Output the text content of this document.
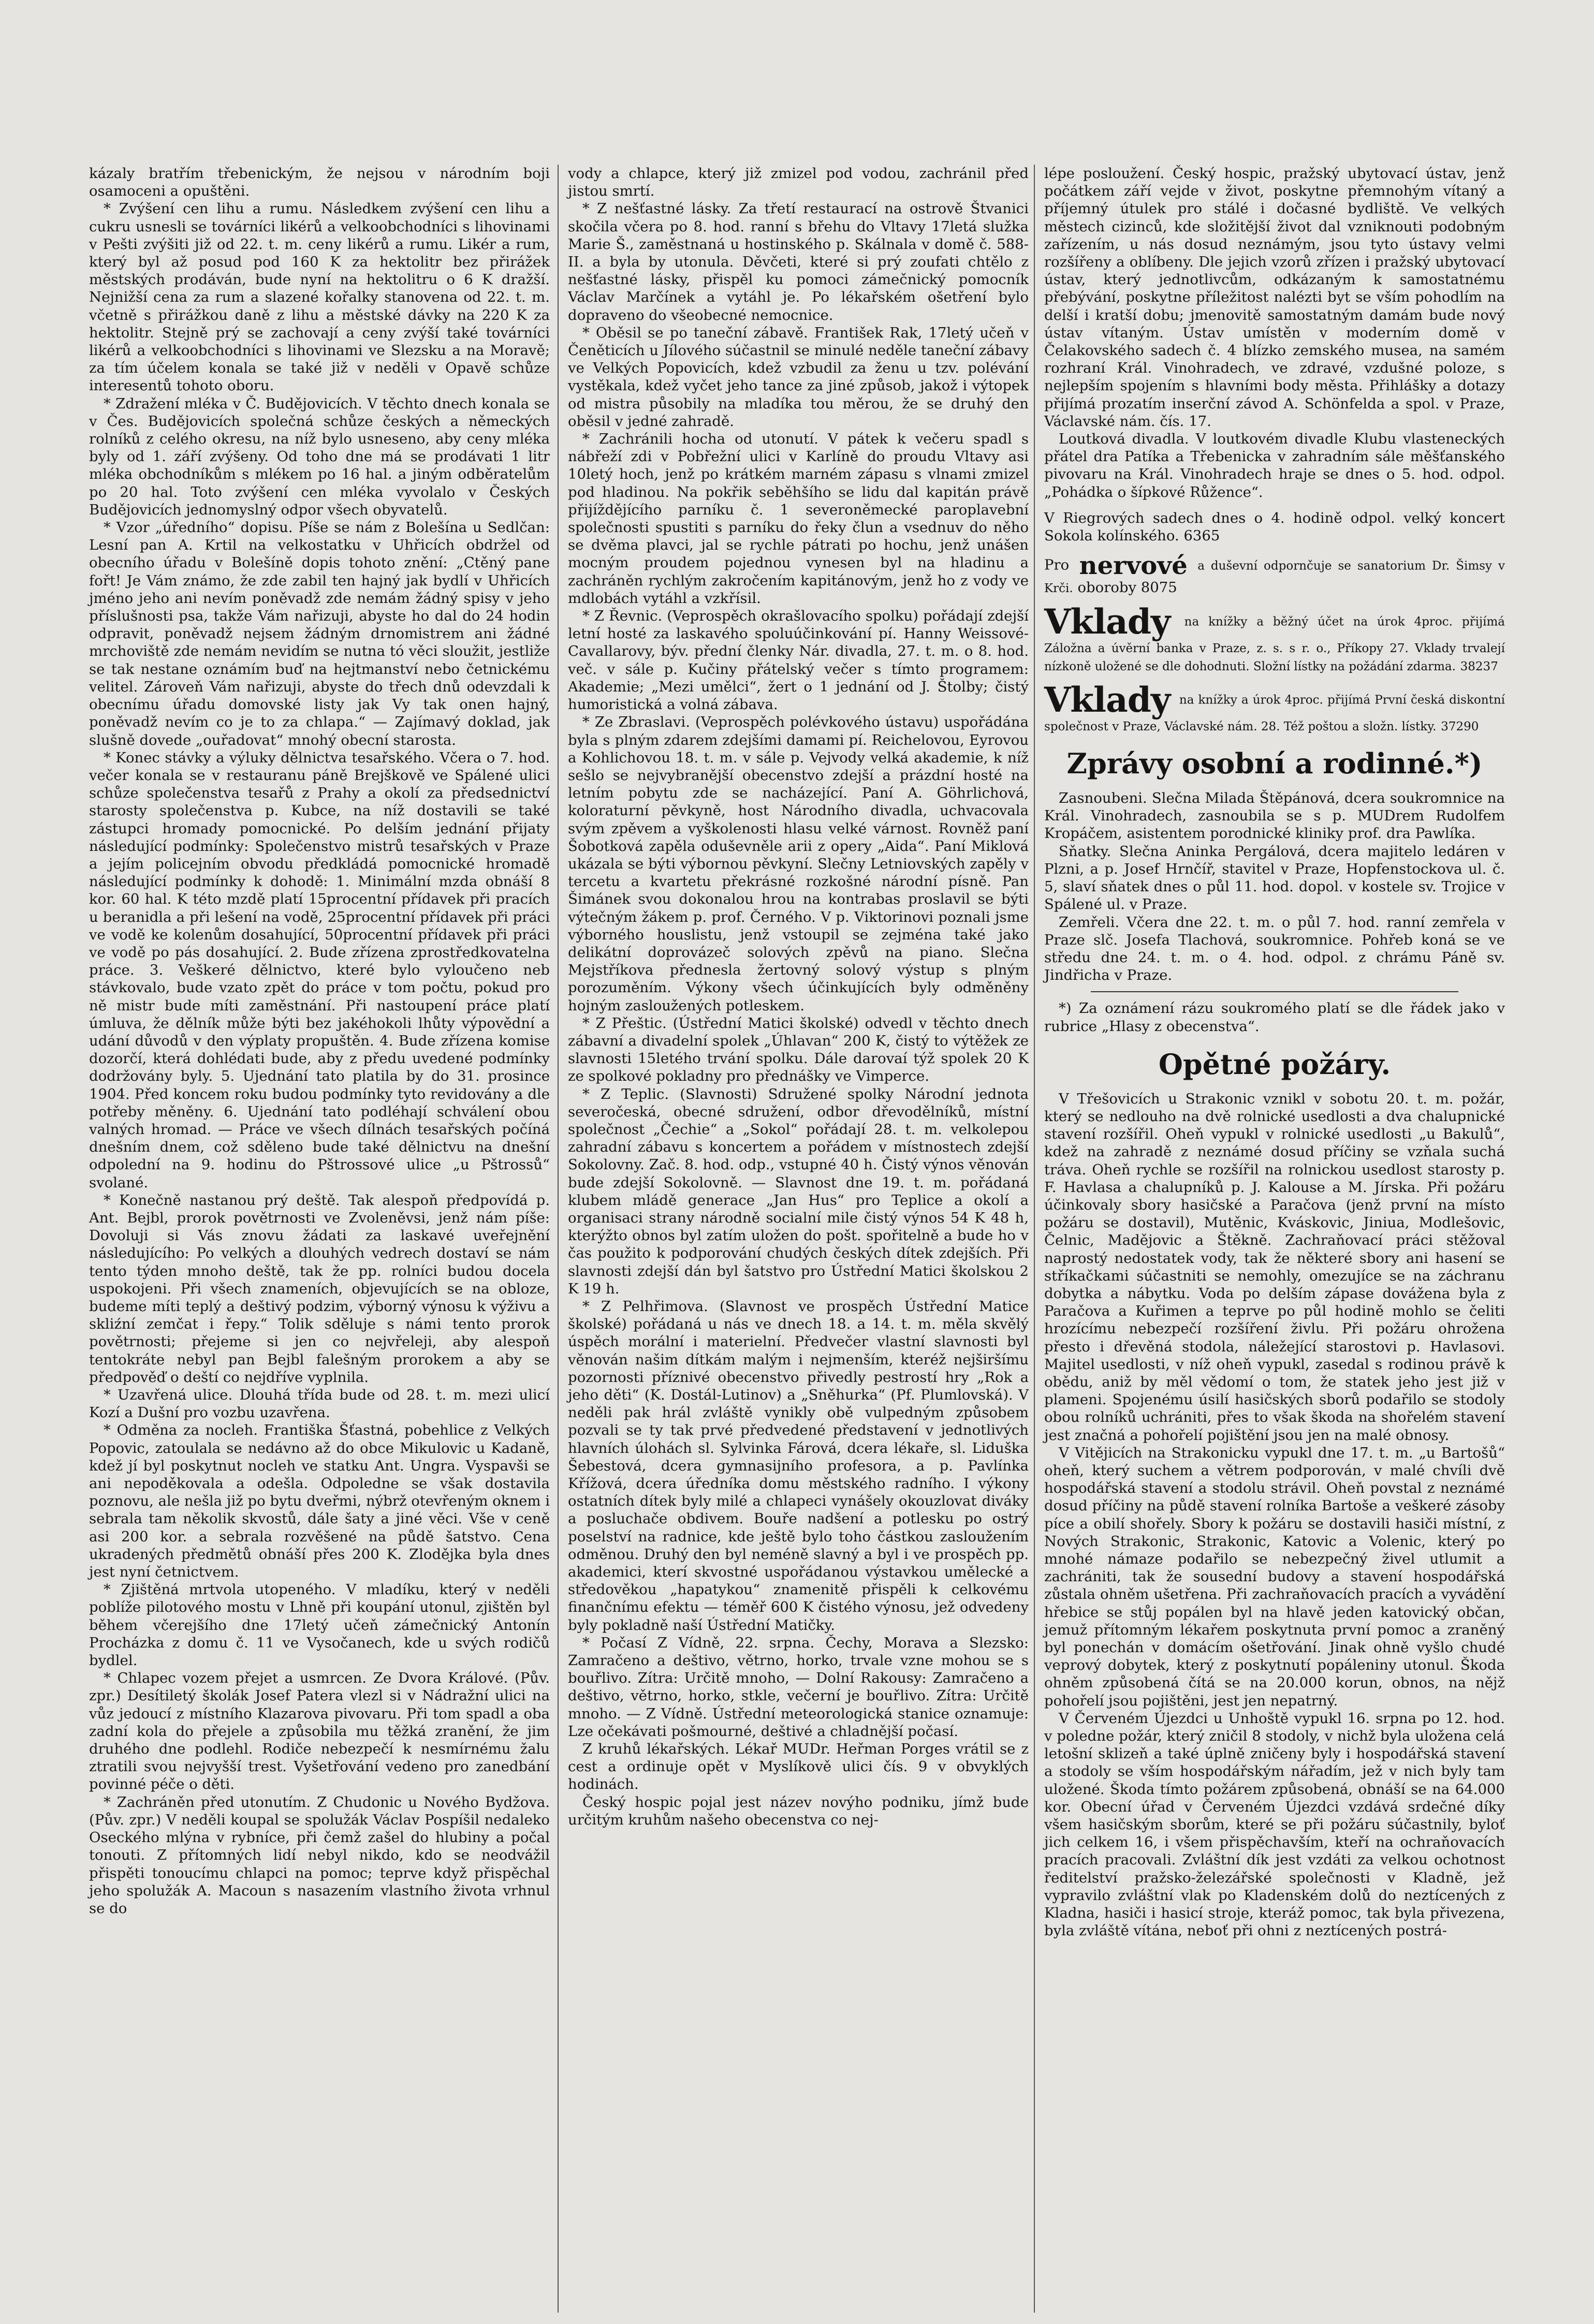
kázaly bratřím třebenickým, že nejsou v národním boji osamoceni a opuštěni.

* Zvýšení cen lihu a rumu. Následkem zvýšení cen lihu a cukru usnesli se továrníci likérů a velkoobchodníci s lihovinami v Pešti zvýšiti již od 22. t. m. ceny likérů a rumu. Likér a rum, který byl až posud pod 160 K za hektolitr bez přirážek městských prodáván, bude nyní na hektolitru o 6 K dražší. Nejnižší cena za rum a slazené kořalky stanovena od 22. t. m. včetně s přirážkou daně z lihu a městské dávky na 220 K za hektolitr. Stejně prý se zachovají a ceny zvýší také továrníci likérů a velkoobchodníci s lihovinami ve Slezsku a na Moravě; za tím účelem konala se také již v neděli v Opavě schůze interesentů tohoto oboru.

* Zdražení mléka v Č. Budějovicích. V těchto dnech konala se v Čes. Budějovicích společná schůze českých a německých rolníků z celého okresu, na níž bylo usneseno, aby ceny mléka byly od 1. září zvýšeny. Od toho dne má se prodávati 1 litr mléka obchodníkům s mlékem po 16 hal. a jiným odběratelům po 20 hal. Toto zvýšení cen mléka vyvolalo v Českých Budějovicích jednomyslný odpor všech obyvatelů.

* Vzor „úředního“ dopisu. Píše se nám z Bolešína u Sedlčan: Lesní pan A. Krtil na velkostatku v Uhřicích obdržel od obecního úřadu v Bolešíně dopis tohoto znění: „Ctěný pane fořt! Je Vám známo, že zde zabil ten hajný jak bydlí v Uhřicích jméno jeho ani nevím poněvadž zde nemám žádný spisy v jeho příslušnosti psa, takže Vám nařizuji, abyste ho dal do 24 hodin odpravit, poněvadž nejsem žádným drnomistrem ani žádné mrchoviště zde nemám nevidím se nutna tó věci sloužit, jestliže se tak nestane oznámím buď na hejtmanství nebo četnickému velitel. Zároveň Vám nařizuji, abyste do třech dnů odevzdali k obecnímu úřadu domovské listy jak Vy tak onen hajný, poněvadž nevím co je to za chlapa.“ — Zajímavý doklad, jak slušně dovede „ouřadovat“ mnohý obecní starosta.

* Konec stávky a výluky dělnictva tesařského. Včera o 7. hod. večer konala se v restauranu páně Brejškově ve Spálené ulici schůze společenstva tesařů z Prahy a okolí za předsednictví starosty společenstva p. Kubce, na níž dostavili se také zástupci hromady pomocnické. Po delším jednání přijaty následující podmínky: Společenstvo mistrů tesařských v Praze a jejím policejním obvodu předkládá pomocnické hromadě následující podmínky k dohodě: 1. Minimální mzda obnáší 8 kor. 60 hal. K této mzdě platí 15procentní přídavek při pracích u beranidla a při lešení na vodě, 25procentní přídavek při práci ve vodě ke kolenům dosahující, 50procentní přídavek při práci ve vodě po pás dosahující. 2. Bude zřízena zprostředkovatelna práce. 3. Veškeré dělnictvo, které bylo vyloučeno neb stávkovalo, bude vzato zpět do práce v tom počtu, pokud pro ně mistr bude míti zaměstnání. Při nastoupení práce platí úmluva, že dělník může býti bez jakéhokoli lhůty výpovědní a udání důvodů v den výplaty propuštěn. 4. Bude zřízena komise dozorčí, která dohlédati bude, aby z předu uvedené podmínky dodržovány byly. 5. Ujednání tato platila by do 31. prosince 1904. Před koncem roku budou podmínky tyto revidovány a dle potřeby měněny. 6. Ujednání tato podléhají schválení obou valných hromad. — Práce ve všech dílnách tesařských počíná dnešním dnem, což sděleno bude také dělnictvu na dnešní odpolední na 9. hodinu do Pštrossové ulice „u Pštrossů“ svolané.

* Konečně nastanou prý deště. Tak alespoň předpovídá p. Ant. Bejbl, prorok povětrnosti ve Zvoleněvsi, jenž nám píše: Dovoluji si Vás znovu žádati za laskavé uveřejnění následujícího: Po velkých a dlouhých vedrech dostaví se nám tento týden mnoho deště, tak že pp. rolníci budou docela uspokojeni. Při všech znameních, objevujících se na obloze, budeme míti teplý a deštivý podzim, výborný výnosu k výživu a skliźní zemčat i řepy.“ Tolik sděluje s námi tento prorok povětrnosti; přejeme si jen co nejvřeleji, aby alespoň tentokráte nebyl pan Bejbl falešným prorokem a aby se předpověď o deští co nejdříve vyplnila.

* Uzavřená ulice. Dlouhá třída bude od 28. t. m. mezi ulicí Kozí a Dušní pro vozbu uzavřena.

* Odměna za nocleh. Františka Šťastná, pobehlice z Velkých Popovic, zatoulala se nedávno až do obce Mikulovic u Kadaně, kdež jí byl poskytnut nocleh ve statku Ant. Ungra. Vyspavši se ani nepoděkovala a odešla. Odpoledne se však dostavila poznovu, ale nešla již po bytu dveřmi, nýbrž otevřeným oknem i sebrala tam několik skvostů, dále šaty a jiné věci. Vše v ceně asi 200 kor. a sebrala rozvěšené na půdě šatstvo. Cena ukradených předmětů obnáší přes 200 K. Zlodějka byla dnes jest nyní četnictvem.

* Zjištěná mrtvola utopeného. V mladíku, který v neděli poblíže pilotového mostu v Lhně při koupání utonul, zjištěn byl během včerejšího dne 17letý učeň zámečnický Antonín Procházka z domu č. 11 ve Vysočanech, kde u svých rodičů bydlel.

* Chlapec vozem přejet a usmrcen. Ze Dvora Králové. (Pův. zpr.) Desítiletý školák Josef Patera vlezl si v Nádražní ulici na vůz jedoucí z místního Klazarova pivovaru. Při tom spadl a oba zadní kola do přejele a způsobila mu těžká zranění, že jim druhého dne podlehl. Rodiče nebezpečí k nesmírnému žalu ztratili svou nejvyšší trest. Vyšetřování vedeno pro zanedbání povinné péče o děti.

* Zachráněn před utonutím. Z Chudonic u Nového Bydžova. (Pův. zpr.) V neděli koupal se spolužák Václav Pospíšil nedaleko Oseckého mlýna v rybníce, při čemž zašel do hlubiny a počal tonouti. Z přítomných lidí nebyl nikdo, kdo se neodvážil přispěti tonoucímu chlapci na pomoc; teprve když přispěchal jeho spolužák A. Macoun s nasazením vlastního života vrhnul se do

vody a chlapce, který již zmizel pod vodou, zachránil před jistou smrtí.

* Z nešťastné lásky. Za třetí restaurací na ostrově Štvanici skočila včera po 8. hod. ranní s břehu do Vltavy 17letá služka Marie Š., zaměstnaná u hostinského p. Skálnala v domě č. 588-II. a byla by utonula. Děvčeti, které si prý zoufati chtělo z nešťastné lásky, přispěl ku pomoci zámečnický pomocník Václav Marčínek a vytáhl je. Po lékařském ošetření bylo dopraveno do všeobecné nemocnice.

* Oběsil se po taneční zábavě. František Rak, 17letý učeň v Čeněticích u Jílového súčastnil se minulé neděle taneční zábavy ve Velkých Popovicích, kdež vzbudil za ženu u tzv. polévání vystěkala, kdež vyčet jeho tance za jiné způsob, jakož i výtopek od mistra působily na mladíka tou měrou, že se druhý den oběsil v jedné zahradě.

* Zachránili hocha od utonutí. V pátek k večeru spadl s nábřeží zdi v Pobřežní ulici v Karlíně do proudu Vltavy asi 10letý hoch, jenž po krátkém marném zápasu s vlnami zmizel pod hladinou. Na pokřik seběhšího se lidu dal kapitán právě přijíždějícího parníku č. 1 severoněmecké paroplavební společnosti spustiti s parníku do řeky člun a vsednuv do něho se dvěma plavci, jal se rychle pátrati po hochu, jenž unášen mocným proudem pojednou vynesen byl na hladinu a zachráněn rychlým zakročením kapitánovým, jenž ho z vody ve mdlobách vytáhl a vzkřísil.

* Z Řevnic. (Veprospěch okrašlovacího spolku) pořádají zdejší letní hosté za laskavého spoluúčinkování pí. Hanny Weissové-Cavallarovy, býv. přední členky Nár. divadla, 27. t. m. o 8. hod. več. v sále p. Kučiny přátelský večer s tímto programem: Akademie; „Mezi umělci“, žert o 1 jednání od J. Štolby; čistý humoristická a volná zábava.

* Ze Zbraslavi. (Veprospěch polévkového ústavu) uspořádána byla s plným zdarem zdejšími damami pí. Reichelovou, Eyrovou a Kohlichovou 18. t. m. v sále p. Vejvody velká akademie, k níž sešlo se nejvybranější obecenstvo zdejší a prázdní hosté na letním pobytu zde se nacházející. Paní A. Göhrlichová, koloraturní pěvkyně, host Národního divadla, uchvacovala svým zpěvem a vyškolenosti hlasu velké várnost. Rovněž paní Šobotková zapěla oduševněle arii z opery „Aida“. Paní Miklová ukázala se býti výbornou pěvkyní. Slečny Letniovských zapěly v tercetu a kvartetu překrásné rozkošné národní písně. Pan Šimánek svou dokonalou hrou na kontrabas proslavil se býti výtečným žákem p. prof. Černého. V p. Viktorinovi poznali jsme výborného houslistu, jenž vstoupil se zejména také jako delikátní doprovázeč solových zpěvů na piano. Slečna Mejstříkova přednesla žertovný solový výstup s plným porozuměním. Výkony všech účinkujících byly odměněny hojným zasloužených potleskem.

* Z Přeštic. (Ústřední Matici školské) odvedl v těchto dnech zábavní a divadelní spolek „Úhlavan“ 200 K, čistý to výtěžek ze slavnosti 15letého trvání spolku. Dále darovaí týž spolek 20 K ze spolkové pokladny pro přednášky ve Vimperce.

* Z Teplic. (Slavnosti) Sdružené spolky Národní jednota severočeská, obecné sdružení, odbor dřevodělníků, místní společnost „Čechie“ a „Sokol“ pořádají 28. t. m. velkolepou zahradní zábavu s koncertem a pořádem v místnostech zdejší Sokolovny. Zač. 8. hod. odp., vstupné 40 h. Čistý výnos věnován bude zdejší Sokolovně. — Slavnost dne 19. t. m. pořádaná klubem mládě generace „Jan Hus“ pro Teplice a okolí a organisaci strany národně socialní mile čistý výnos 54 K 48 h, kterýžto obnos byl zatím uložen do pošt. spořitelně a bude ho v čas použito k podporování chudých českých dítek zdejších. Při slavnosti zdejší dán byl šatstvo pro Ústřední Matici školskou 2 K 19 h.

* Z Pelhřimova. (Slavnost ve prospěch Ústřední Matice školské) pořádaná u nás ve dnech 18. a 14. t. m. měla skvělý úspěch morální i materielní. Předvečer vlastní slavnosti byl věnován našim dítkám malým i nejmenším, kteréž nejširšímu pozornosti příznivé obecenstvo přivedly pestrostí hry „Rok a jeho děti“ (K. Dostál-Lutinov) a „Sněhurka“ (Pf. Plumlovská). V neděli pak hrál zvláště vynikly obě vulpedným způsobem pozvali se ty tak prvé předvedené představení v jednotlivých hlavních úlohách sl. Sylvinka Fárová, dcera lékaře, sl. Liduška Šebestová, dcera gymnasijního profesora, a p. Pavlínka Křížová, dcera úředníka domu městského radního. I výkony ostatních dítek byly milé a chlapeci vynášely okouzlovat diváky a posluchače obdivem. Bouře nadšení a potlesku po ostrý poselství na radnice, kde ještě bylo toho částkou zasloužením odměnou. Druhý den byl neméně slavný a byl i ve prospěch pp. akademici, kterí skvostné uspořádanou výstavkou umělecké a středověkou „hapatykou“ znamenitě přispěli k celkovému finančnímu efektu — téměř 600 K čistého výnosu, jež odvedeny byly pokladně naší Ústřední Matičky.

* Počasí Z Vídně, 22. srpna. Čechy, Morava a Slezsko: Zamračeno a deštivo, větrno, horko, trvale vzne mohou se s bouřlivo. Zítra: Určitě mnoho, — Dolní Rakousy: Zamračeno a deštivo, větrno, horko, stkle, večerní je bouřlivo. Zítra: Určitě mnoho. — Z Vídně. Ústřední meteorologická stanice oznamuje: Lze očekávati pošmourné, deštivé a chladnější počasí.

Z kruhů lékařských. Lékař MUDr. Heřman Porges vrátil se z cest a ordinuje opět v Myslíkově ulici čís. 9 v obvyklých hodinách.

Český hospic pojal jest název novýho podniku, jímž bude určitým kruhům našeho obecenstva co nej-

lépe posloužení. Český hospic, pražský ubytovací ústav, jenž počátkem září vejde v život, poskytne přemnohým vítaný a příjemný útulek pro stálé i dočasné bydliště. Ve velkých městech cizinců, kde složitější život dal vzniknouti podobným zařízením, u nás dosud neznámým, jsou tyto ústavy velmi rozšířeny a oblíbeny. Dle jejich vzorů zřízen i pražský ubytovací ústav, který jednotlivcům, odkázaným k samostatnému přebývání, poskytne příležitost nalézti byt se vším pohodlím na delší i kratší dobu; jmenovitě samostatným damám bude nový ústav vítaným. Ústav umístěn v moderním domě v Čelakovského sadech č. 4 blízko zemského musea, na samém rozhraní Král. Vinohradech, ve zdravé, vzdušné poloze, s nejlepším spojením s hlavními body města. Přihlášky a dotazy přijímá prozatím inserční závod A. Schönfelda a spol. v Praze, Václavské nám. čís. 17.

Loutková divadla. V loutkovém divadle Klubu vlasteneckých přátel dra Patíka a Třebenicka v zahradním sále měšťanského pivovaru na Král. Vinohradech hraje se dnes o 5. hod. odpol. „Pohádka o šípkové Růžence“.

V Riegrových sadech dnes o 4. hodině odpol. velký koncert Sokola kolínského. 6365
Pro nervové a duševní odpornčuje se sanatorium Dr. Šimsy v Krči. oboroby 8075
Vklady na knížky a běžný účet na úrok 4proc. přijímá Záložna a úvěrní banka v Praze, z. s. s r. o., Příkopy 27. Vklady trvalejí nízkoně uložené se dle dohodnuti. Složní lístky na požádání zdarma. 38237
Vklady na knížky a úrok 4proc. přijímá První česká diskontní společnost v Praze, Václavské nám. 28. Též poštou a složn. lístky. 37290
Zprávy osobní a rodinné.*)

Zasnoubeni. Slečna Milada Štěpánová, dcera soukromnice na Král. Vinohradech, zasnoubila se s p. MUDrem Rudolfem Kropáčem, asistentem porodnické kliniky prof. dra Pawlíka.

Sňatky. Slečna Aninka Pergálová, dcera majitelo ledáren v Plzni, a p. Josef Hrnčíř, stavitel v Praze, Hopfenstockova ul. č. 5, slaví sňatek dnes o půl 11. hod. dopol. v kostele sv. Trojice v Spálené ul. v Praze.

Zemřeli. Včera dne 22. t. m. o půl 7. hod. ranní zemřela v Praze slč. Josefa Tlachová, soukromnice. Pohřeb koná se ve středu dne 24. t. m. o 4. hod. odpol. z chrámu Páně sv. Jindřicha v Praze.

*) Za oznámení rázu soukromého platí se dle řádek jako v rubrice „Hlasy z obecenstva“.

Opětné požáry.

V Třešovicích u Strakonic vznikl v sobotu 20. t. m. požár, který se nedlouho na dvě rolnické usedlosti a dva chalupnické stavení rozšířil. Oheň vypukl v rolnické usedlosti „u Bakulů“, kdež na zahradě z neznámé dosud příčiny se vzňala suchá tráva. Oheň rychle se rozšířil na rolnickou usedlost starosty p. F. Havlasa a chalupníků p. J. Kalouse a M. Jírska. Při požáru účinkovaly sbory hasičské a Paračova (jenž první na místo požáru se dostavil), Mutěnic, Kváskovic, Jiniua, Modlešovic, Čelnic, Madějovic a Štěkně. Zachraňovací práci stěžoval naprostý nedostatek vody, tak že některé sbory ani hasení se stříkačkami súčastniti se nemohly, omezujíce se na záchranu dobytka a nábytku. Voda po delším zápase dovážena byla z Paračova a Kuřimen a teprve po půl hodině mohlo se čeliti hrozícímu nebezpečí rozšíření živlu. Při požáru ohrožena přesto i dřevěná stodola, náležející starostovi p. Havlasovi. Majitel usedlosti, v níž oheň vypukl, zasedal s rodinou právě k obědu, aniž by měl vědomí o tom, že statek jeho jest již v plameni. Spojenému úsilí hasičských sborů podařilo se stodoly obou rolníků uchrániti, přes to však škoda na shořelém stavení jest značná a pohořelí pojištění jsou jen na malé obnosy.

V Vitějicích na Strakonicku vypukl dne 17. t. m. „u Bartošů“ oheň, který suchem a větrem podporován, v malé chvíli dvě hospodářská stavení a stodolu strávil. Oheň povstal z neznámé dosud příčiny na půdě stavení rolníka Bartoše a veškeré zásoby píce a obilí shořely. Sbory k požáru se dostavili hasiči místní, z Nových Strakonic, Strakonic, Katovic a Volenic, který po mnohé námaze podařilo se nebezpečný živel utlumit a zachrániti, tak že sousední budovy a stavení hospodářská zůstala ohněm ušetřena. Při zachraňovacích pracích a vyvádění hřebice se stůj popálen byl na hlavě jeden katovický občan, jemuž přítomným lékařem poskytnuta první pomoc a zraněný byl ponechán v domácím ošetřování. Jinak ohně vyšlo chudé veprový dobytek, který z poskytnutí popáleniny utonul. Škoda ohněm způsobená čítá se na 20.000 korun, obnos, na nějž pohořelí jsou pojištěni, jest jen nepatrný.

V Červeném Újezdci u Unhoště vypukl 16. srpna po 12. hod. v poledne požár, který zničil 8 stodoly, v nichž byla uložena celá letošní sklizeň a také úplně zničeny byly i hospodářská stavení a stodoly se vším hospodářským nářadím, jež v nich byly tam uložené. Škoda tímto požárem způsobená, obnáší se na 64.000 kor. Obecní úřad v Červeném Újezdci vzdává srdečné díky všem hasičským sborům, které se při požáru súčastnily, byloť jich celkem 16, i všem přispěchavším, kteří na ochraňovacích pracích pracovali. Zvláštní dík jest vzdáti za velkou ochotnost ředitelství pražsko-železářské společnosti v Kladně, jež vypravilo zvláštní vlak po Kladenském dolů do neztícených z Kladna, hasiči i hasicí stroje, kteráž pomoc, tak byla přivezena, byla zvláště vítána, neboť při ohni z neztícených postrá-
